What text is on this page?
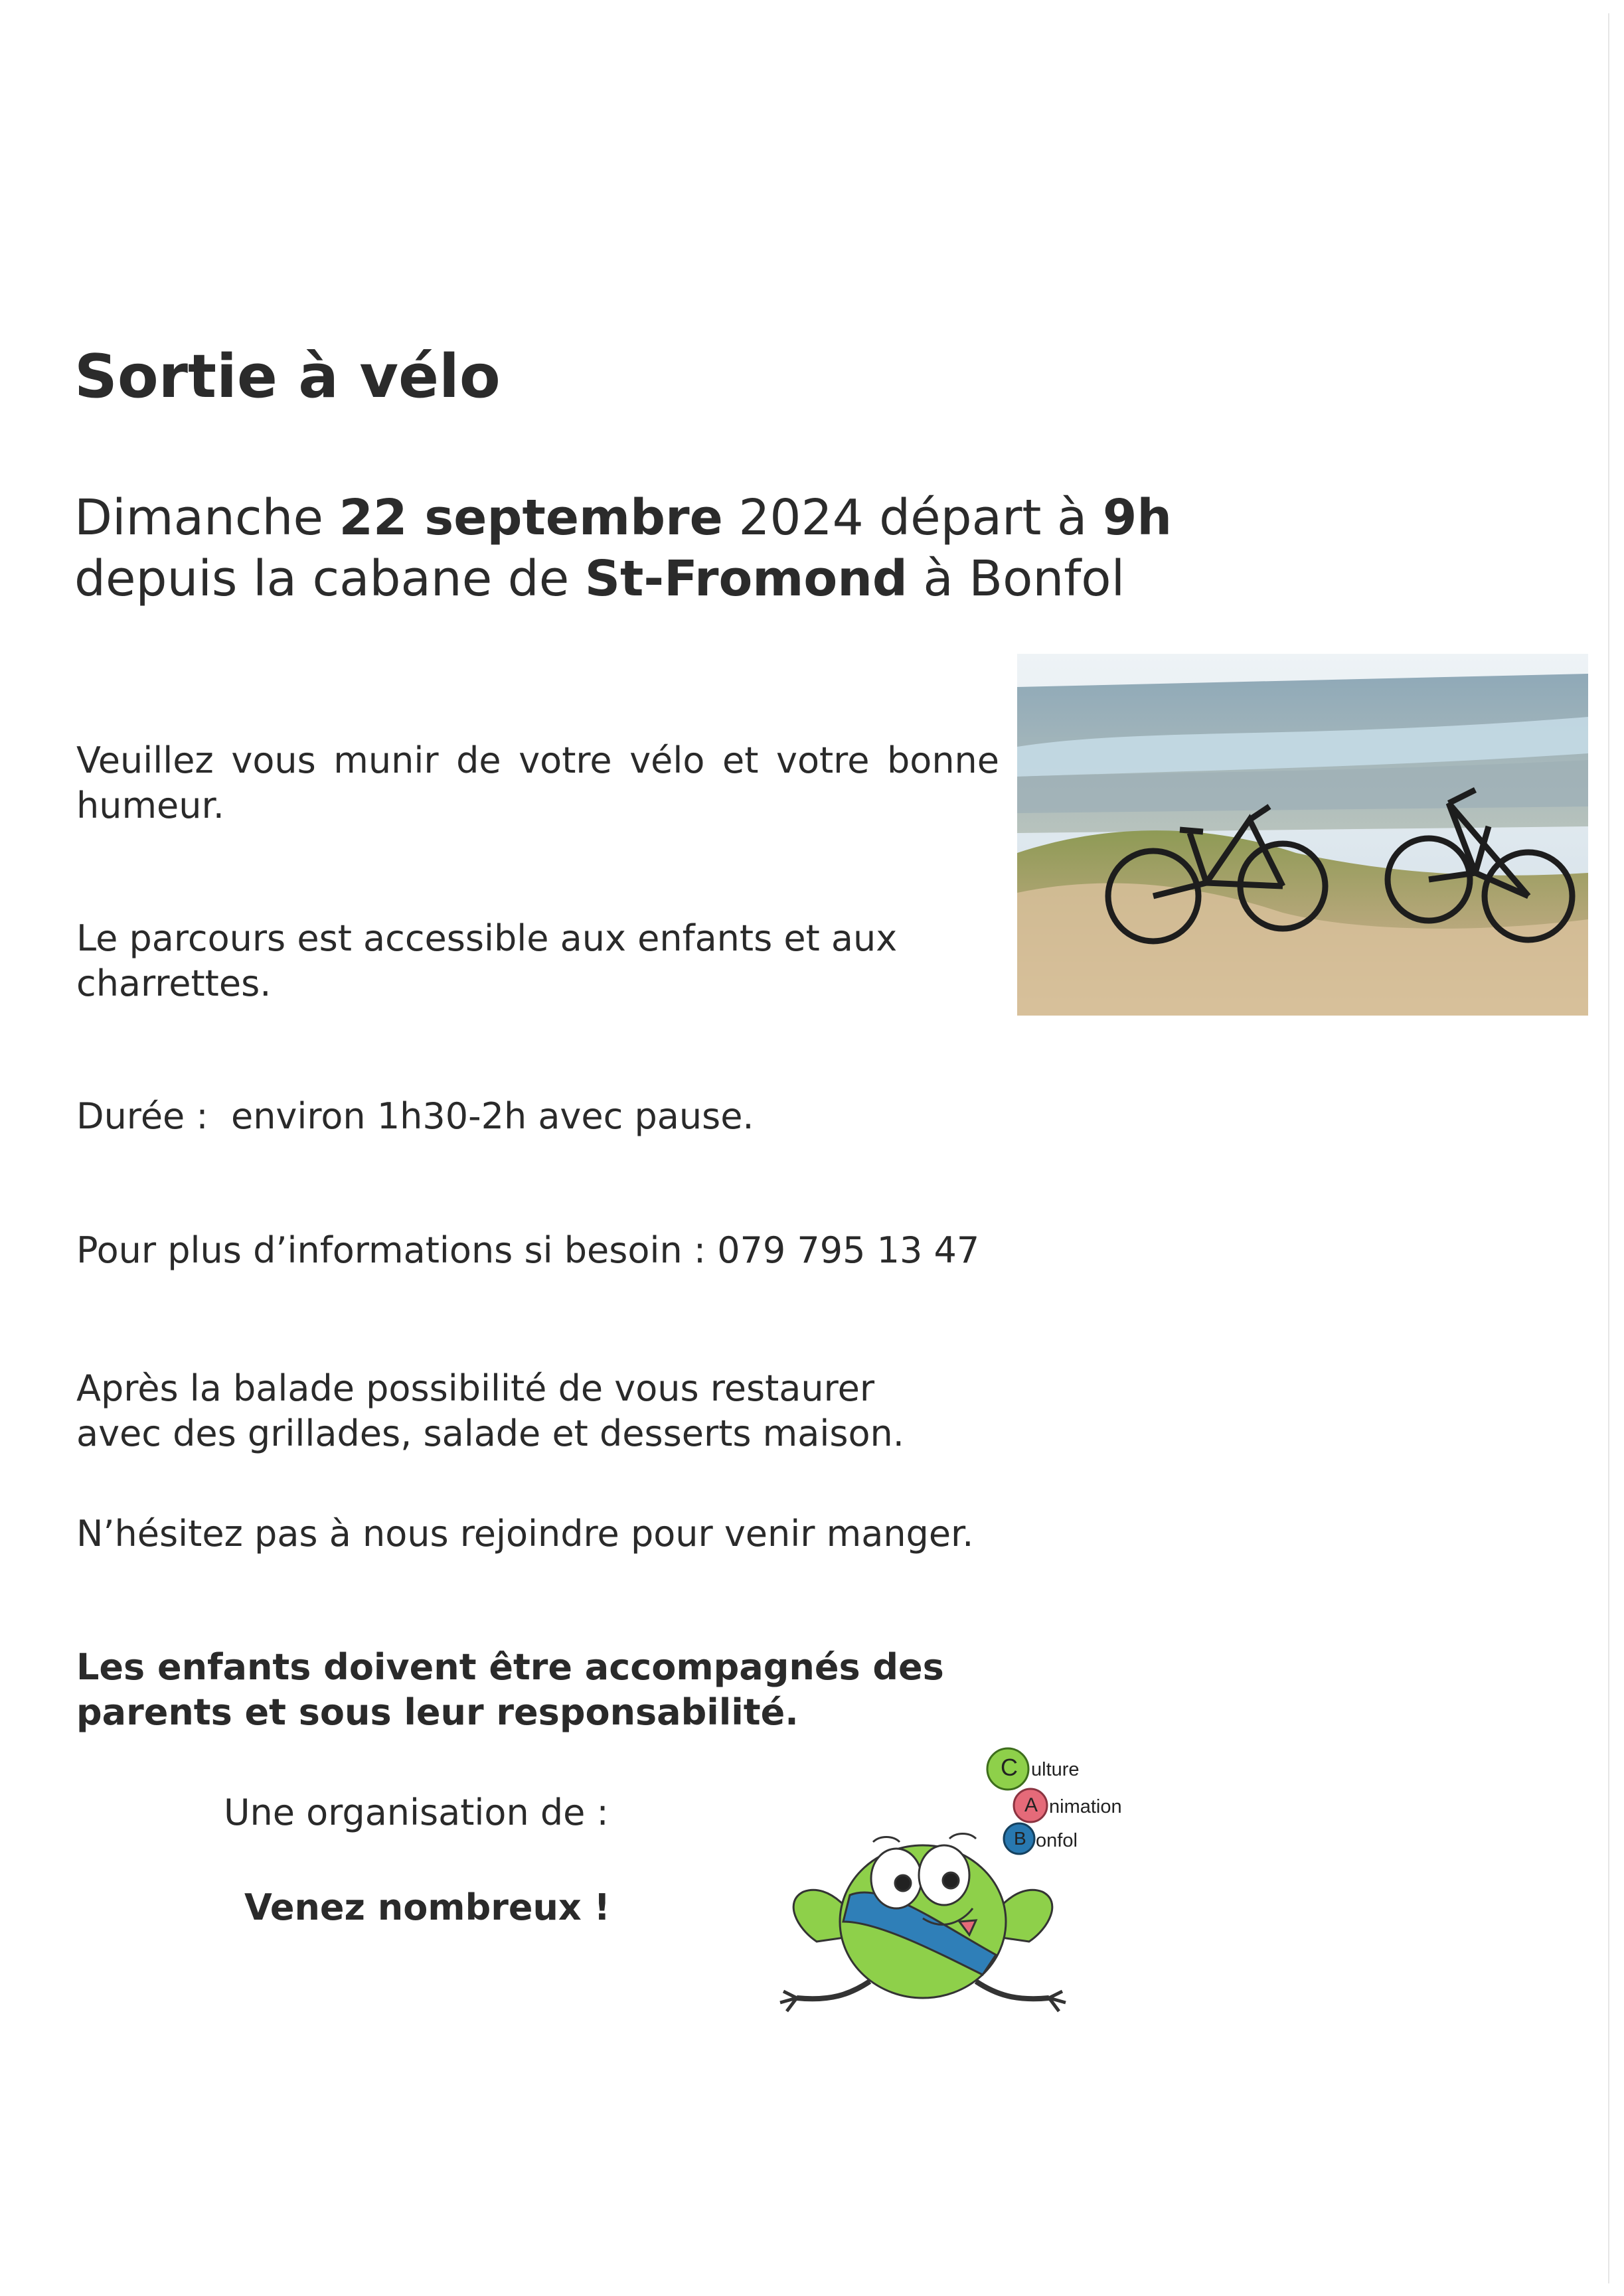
Sortie à vélo
Dimanche 22 septembre 2024 départ à 9h
depuis la cabane de St-Fromond à Bonfol

Veuillez vous munir de votre vélo et votre bonne humeur.

Le parcours est accessible aux enfants et aux charrettes.

Durée : environ 1h30-2h avec pause.

Pour plus d’informations si besoin : 079 795 13 47

Après la balade possibilité de vous restaurer avec des grillades, salade et desserts maison.

N’hésitez pas à nous rejoindre pour venir manger.

Les enfants doivent être accompagnés des parents et sous leur responsabilité.

Une organisation de :

Venez nombreux !

C
A
B
ulture
nimation
onfol
